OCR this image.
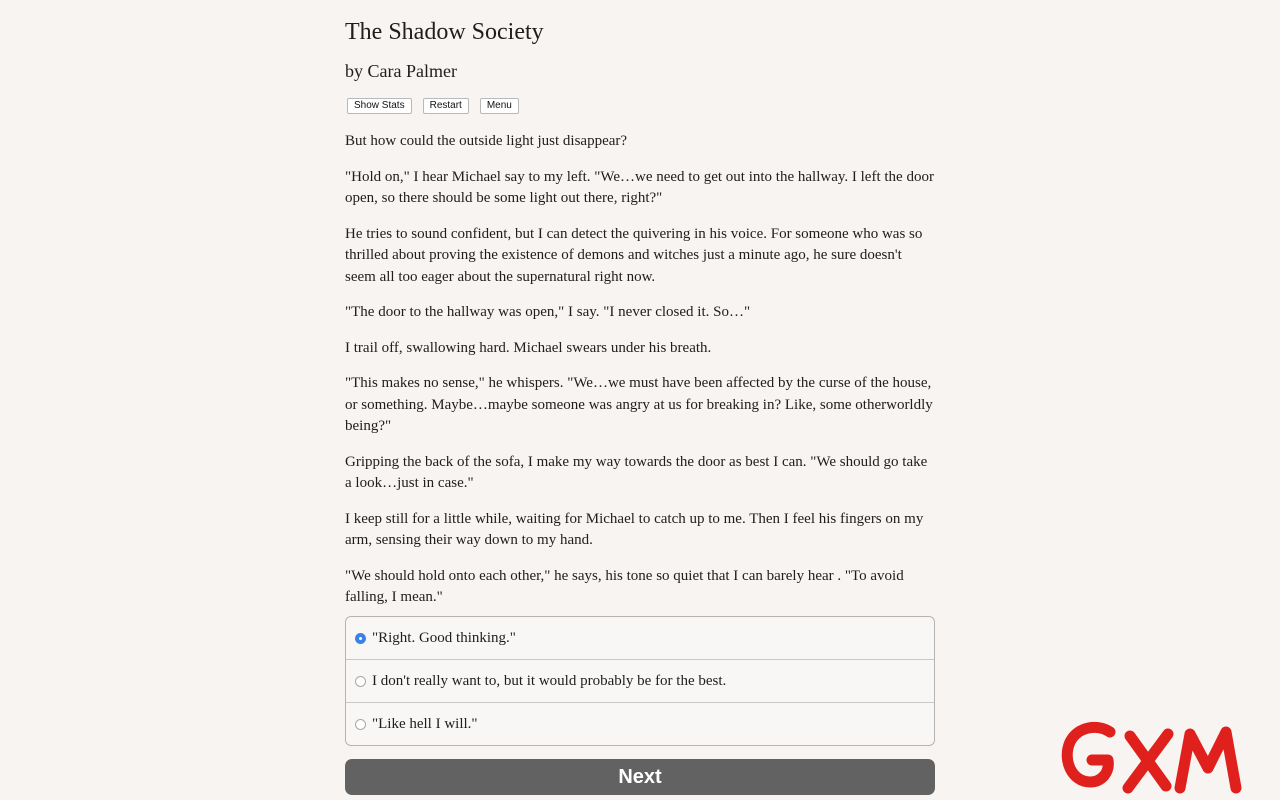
The Shadow Society
by Cara Palmer
Show Stats	Restart	Menu

But how could the outside light just disappear?

"Hold on," I hear Michael say to my left. "We…we need to get out into the hallway. I left the door open, so there should be some light out there, right?"

He tries to sound confident, but I can detect the quivering in his voice. For someone who was so thrilled about proving the existence of demons and witches just a minute ago, he sure doesn't seem all too eager about the supernatural right now.

"The door to the hallway was open," I say. "I never closed it. So…"

I trail off, swallowing hard. Michael swears under his breath.

"This makes no sense," he whispers. "We…we must have been affected by the curse of the house, or something. Maybe…maybe someone was angry at us for breaking in? Like, some otherworldly being?"

Gripping the back of the sofa, I make my way towards the door as best I can. "We should go take a look…just in case."

I keep still for a little while, waiting for Michael to catch up to me. Then I feel his fingers on my arm, sensing their way down to my hand.

"We should hold onto each other," he says, his tone so quiet that I can barely hear . "To avoid falling, I mean."

"Right. Good thinking."
I don't really want to, but it would probably be for the best.
"Like hell I will."
Next
